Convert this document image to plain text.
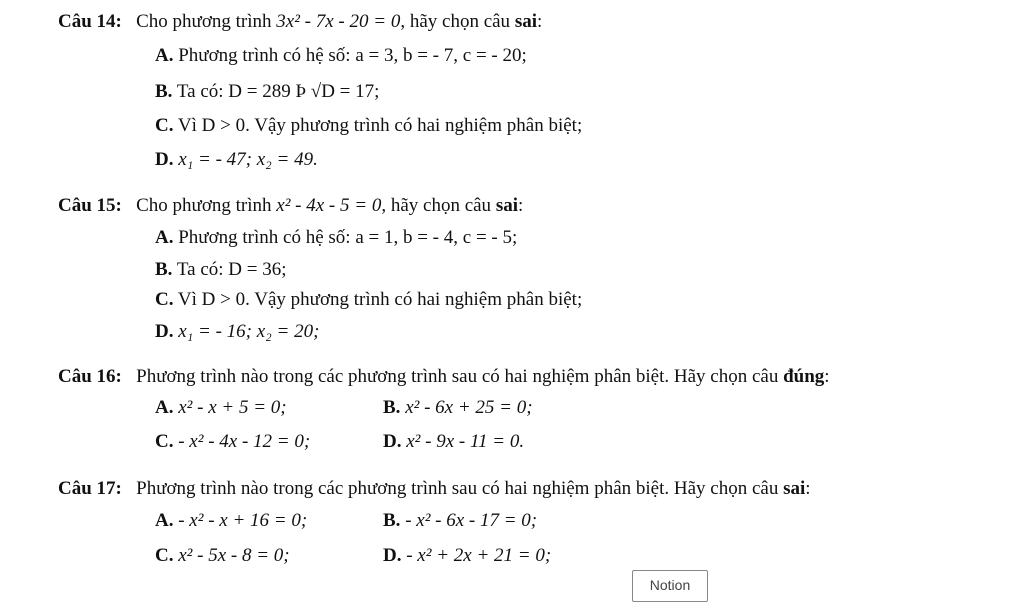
Câu 14: Cho phương trình 3x² - 7x - 20 = 0, hãy chọn câu sai:
A. Phương trình có hệ số: a = 3, b = - 7, c = - 20;
B. Ta có: D = 289 Þ √D = 17;
C. Vì D > 0. Vậy phương trình có hai nghiệm phân biệt;
D. x₁ = - 47; x₂ = 49.
Câu 15: Cho phương trình x² - 4x - 5 = 0, hãy chọn câu sai:
A. Phương trình có hệ số: a = 1, b = - 4, c = - 5;
B. Ta có: D = 36;
C. Vì D > 0. Vậy phương trình có hai nghiệm phân biệt;
D. x₁ = - 16; x₂ = 20;
Câu 16: Phương trình nào trong các phương trình sau có hai nghiệm phân biệt. Hãy chọn câu đúng:
A. x² - x + 5 = 0;	B. x² - 6x + 25 = 0;
C. - x² - 4x - 12 = 0;	D. x² - 9x - 11 = 0.
Câu 17: Phương trình nào trong các phương trình sau có hai nghiệm phân biệt. Hãy chọn câu sai:
A. - x² - x + 16 = 0;	B. - x² - 6x - 17 = 0;
C. x² - 5x - 8 = 0;	D. - x² + 2x + 21 = 0;
Notion
